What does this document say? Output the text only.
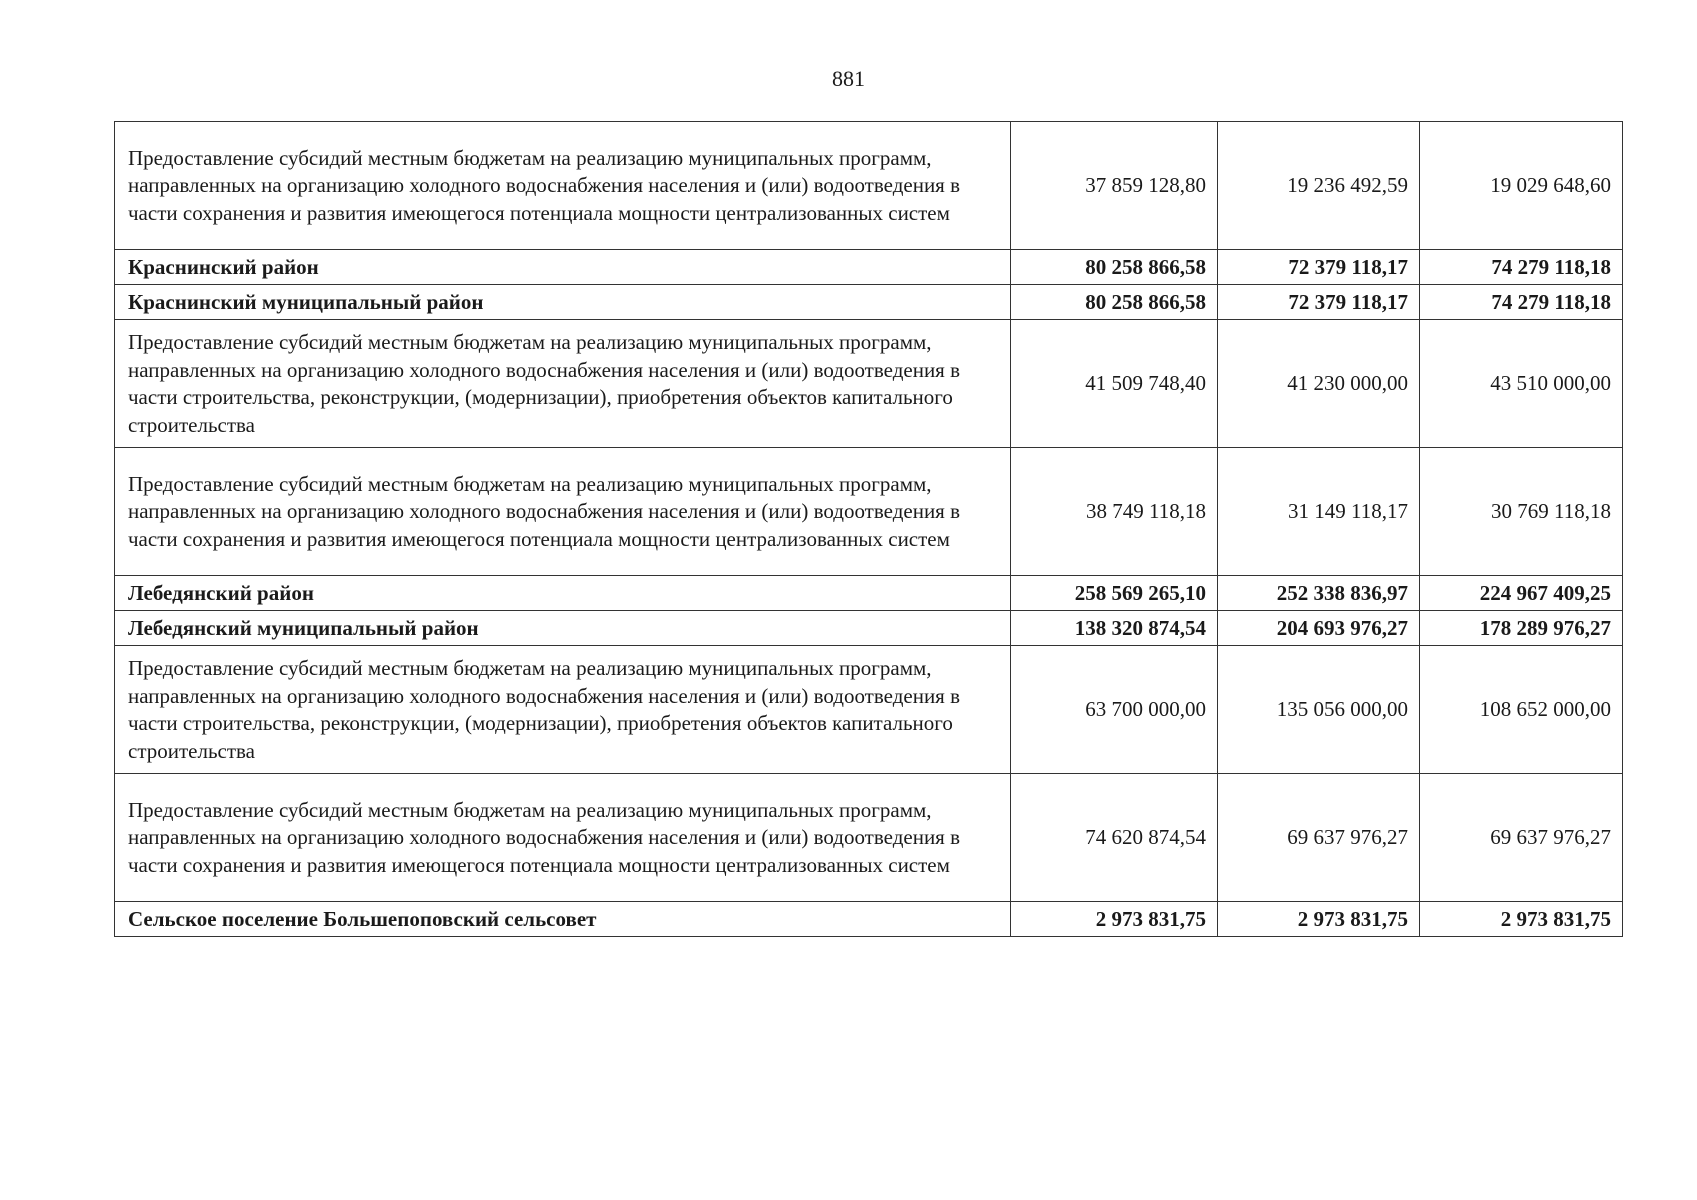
881
Предоставление субсидий местным бюджетам на реализацию муниципальных программ, направленных на организацию холодного водоснабжения населения и (или) водоотведения в части сохранения и развития имеющегося потенциала мощности централизованных систем	37 859 128,80	19 236 492,59	19 029 648,60
Краснинский район	80 258 866,58	72 379 118,17	74 279 118,18
Краснинский муниципальный район	80 258 866,58	72 379 118,17	74 279 118,18
Предоставление субсидий местным бюджетам на реализацию муниципальных программ, направленных на организацию холодного водоснабжения населения и (или) водоотведения в части строительства, реконструкции, (модернизации), приобретения объектов капитального строительства	41 509 748,40	41 230 000,00	43 510 000,00
Предоставление субсидий местным бюджетам на реализацию муниципальных программ, направленных на организацию холодного водоснабжения населения и (или) водоотведения в части сохранения и развития имеющегося потенциала мощности централизованных систем	38 749 118,18	31 149 118,17	30 769 118,18
Лебедянский район	258 569 265,10	252 338 836,97	224 967 409,25
Лебедянский муниципальный район	138 320 874,54	204 693 976,27	178 289 976,27
Предоставление субсидий местным бюджетам на реализацию муниципальных программ, направленных на организацию холодного водоснабжения населения и (или) водоотведения в части строительства, реконструкции, (модернизации), приобретения объектов капитального строительства	63 700 000,00	135 056 000,00	108 652 000,00
Предоставление субсидий местным бюджетам на реализацию муниципальных программ, направленных на организацию холодного водоснабжения населения и (или) водоотведения в части сохранения и развития имеющегося потенциала мощности централизованных систем	74 620 874,54	69 637 976,27	69 637 976,27
Сельское поселение Большепоповский сельсовет	2 973 831,75	2 973 831,75	2 973 831,75
